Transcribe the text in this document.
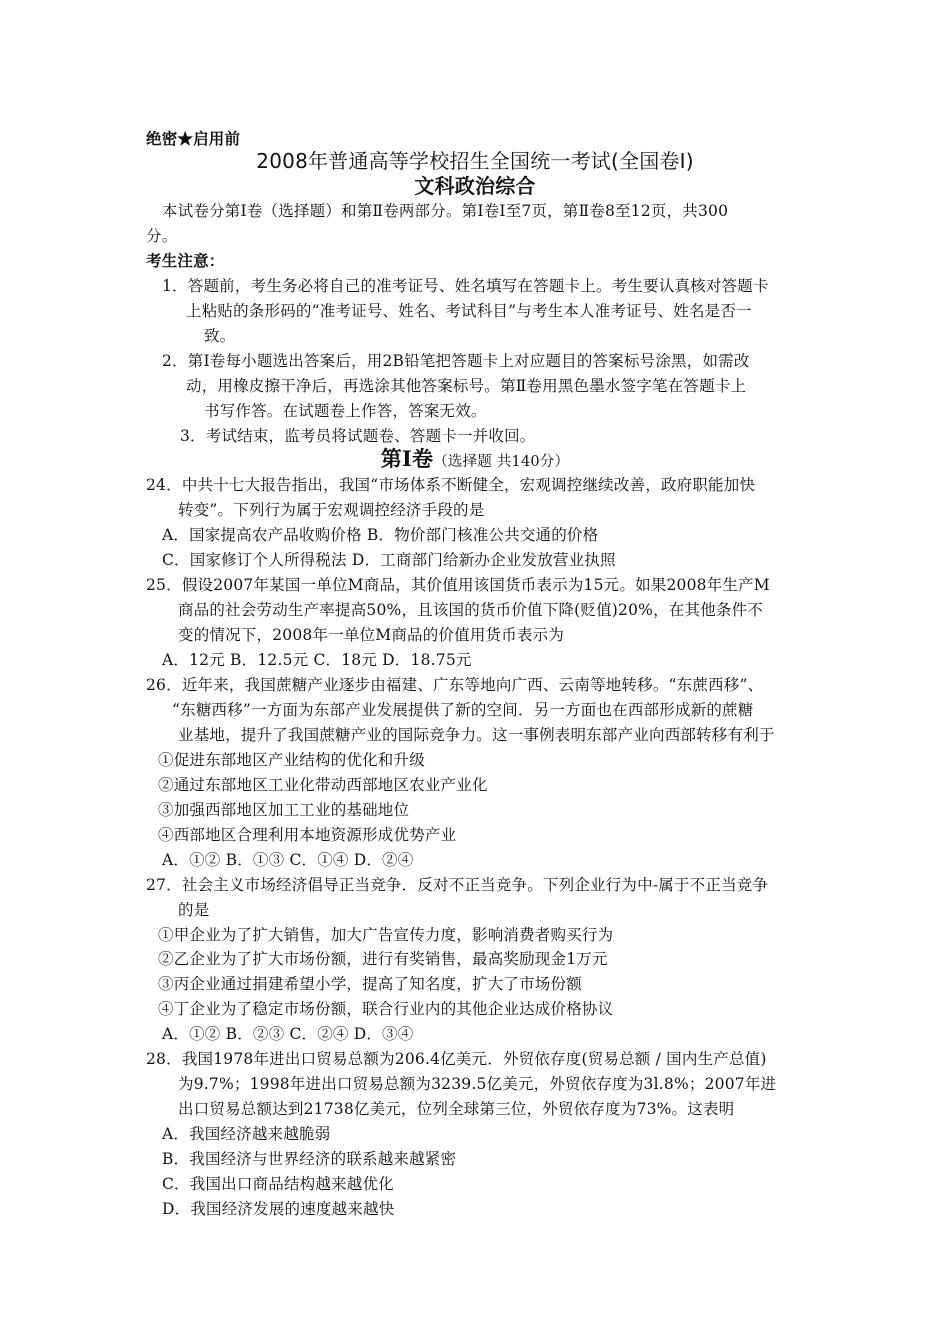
绝密★启用前
2008年普通高等学校招生全国统一考试(全国卷Ⅰ)
文科政治综合
本试卷分第Ⅰ卷（选择题）和第Ⅱ卷两部分。第Ⅰ卷Ⅰ至7页，第Ⅱ卷8至12页，共300
分。
考生注意：
1．答题前，考生务必将自己的准考证号、姓名填写在答题卡上。考生要认真核对答题卡
上粘贴的条形码的“准考证号、姓名、考试科目”与考生本人准考证号、姓名是否一
致。
2．第Ⅰ卷每小题选出答案后，用2B铅笔把答题卡上对应题目的答案标号涂黑，如需改
动，用橡皮擦干净后，再选涂其他答案标号。第Ⅱ卷用黑色墨水签字笔在答题卡上
书写作答。在试题卷上作答，答案无效。
3．考试结束，监考员将试题卷、答题卡一并收回。
第Ⅰ卷（选择题 共140分）
24．中共十七大报告指出，我国“市场体系不断健全，宏观调控继续改善，政府职能加快
转变”。下列行为属于宏观调控经济手段的是
A．国家提高农产品收购价格 B．物价部门核准公共交通的价格
C．国家修订个人所得税法 D．工商部门给新办企业发放营业执照
25．假设2007年某国一单位M商品，其价值用该国货币表示为15元。如果2008年生产M
商品的社会劳动生产率提高50%，且该国的货币价值下降(贬值)20%，在其他条件不
变的情况下，2008年一单位M商品的价值用货币表示为
A．12元 B．12.5元 C．18元 D．18.75元
26．近年来，我国蔗糖产业逐步由福建、广东等地向广西、云南等地转移。“东蔗西移”、
“东糖西移”一方面为东部产业发展提供了新的空间．另一方面也在西部形成新的蔗糖
业基地，提升了我国蔗糖产业的国际竞争力。这一事例表明东部产业向西部转移有利于
①促进东部地区产业结构的优化和升级
②通过东部地区工业化带动西部地区农业产业化
③加强西部地区加工工业的基础地位
④西部地区合理利用本地资源形成优势产业
A．①② B．①③ C．①④ D．②④
27．社会主义市场经济倡导正当竞争．反对不正当竞争。下列企业行为中-属于不正当竞争
的是
①甲企业为了扩大销售，加大广告宣传力度，影响消费者购买行为
②乙企业为了扩大市场份额，进行有奖销售，最高奖励现金1万元
③丙企业通过捐建希望小学，提高了知名度，扩大了市场份额
④丁企业为了稳定市场份额，联合行业内的其他企业达成价格协议
A．①② B．②③ C．②④ D．③④
28．我国1978年进出口贸易总额为206.4亿美元．外贸依存度(贸易总额 / 国内生产总值)
为9.7%；1998年进出口贸易总额为3239.5亿美元，外贸依存度为3l.8%；2007年进
出口贸易总额达到21738亿美元，位列全球第三位，外贸依存度为73%。这表明
A．我国经济越来越脆弱
B．我国经济与世界经济的联系越来越紧密
C．我国出口商品结构越来越优化
D．我国经济发展的速度越来越快
